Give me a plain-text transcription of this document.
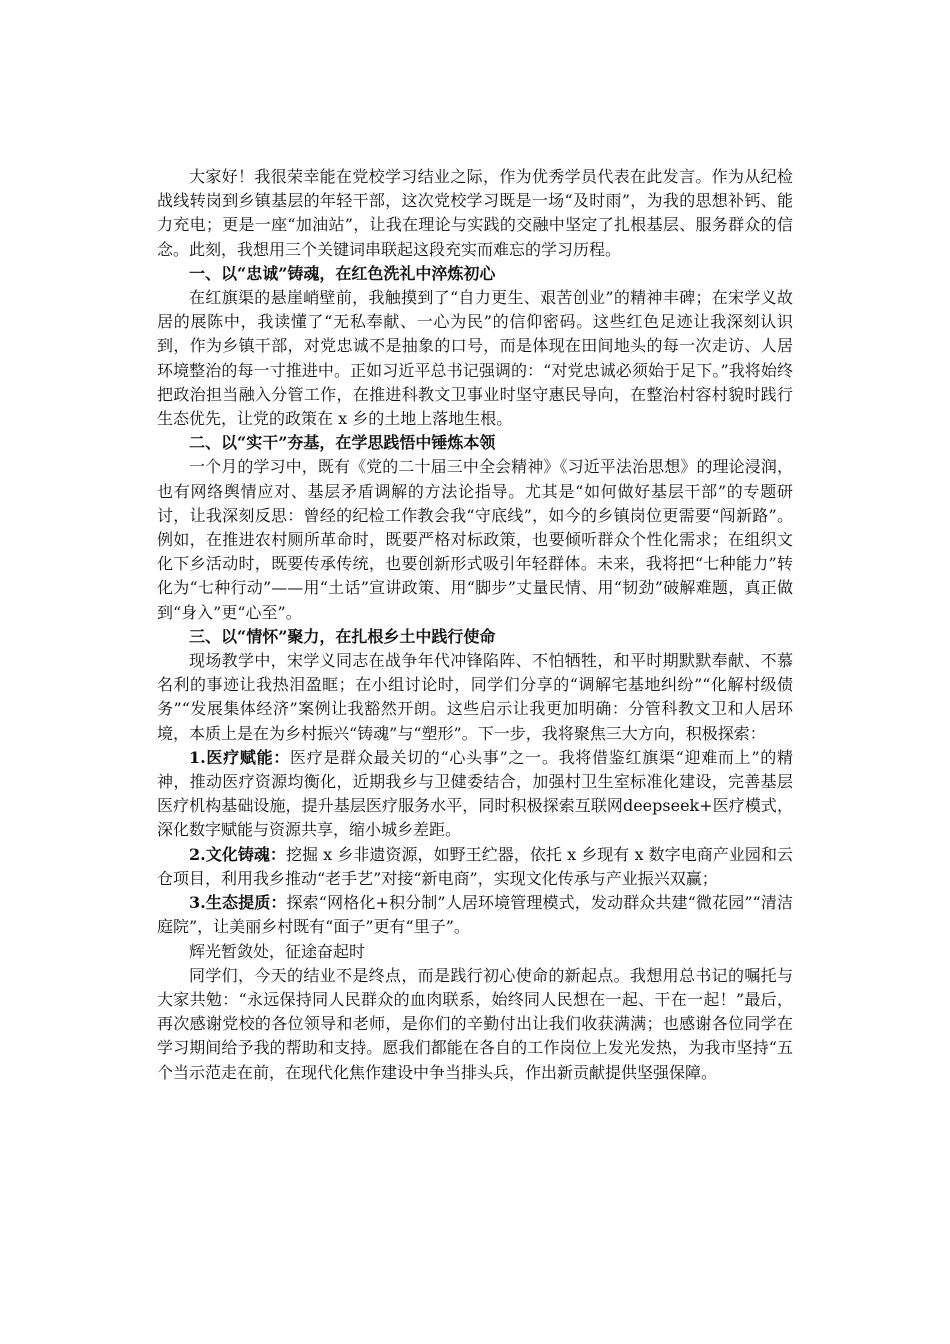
大家好！我很荣幸能在党校学习结业之际，作为优秀学员代表在此发言。作为从纪检战线转岗到乡镇基层的年轻干部，这次党校学习既是一场“及时雨”，为我的思想补钙、能力充电；更是一座“加油站”，让我在理论与实践的交融中坚定了扎根基层、服务群众的信念。此刻，我想用三个关键词串联起这段充实而难忘的学习历程。

一、以“忠诚”铸魂，在红色洗礼中淬炼初心

在红旗渠的悬崖峭壁前，我触摸到了“自力更生、艰苦创业”的精神丰碑；在宋学义故居的展陈中，我读懂了“无私奉献、一心为民”的信仰密码。这些红色足迹让我深刻认识到，作为乡镇干部，对党忠诚不是抽象的口号，而是体现在田间地头的每一次走访、人居环境整治的每一寸推进中。正如习近平总书记强调的：“对党忠诚必须始于足下。”我将始终把政治担当融入分管工作，在推进科教文卫事业时坚守惠民导向，在整治村容村貌时践行生态优先，让党的政策在 x 乡的土地上落地生根。

二、以“实干”夯基，在学思践悟中锤炼本领

一个月的学习中，既有《党的二十届三中全会精神》《习近平法治思想》的理论浸润，也有网络舆情应对、基层矛盾调解的方法论指导。尤其是“如何做好基层干部”的专题研讨，让我深刻反思：曾经的纪检工作教会我“守底线”，如今的乡镇岗位更需要“闯新路”。例如，在推进农村厕所革命时，既要严格对标政策，也要倾听群众个性化需求；在组织文化下乡活动时，既要传承传统，也要创新形式吸引年轻群体。未来，我将把“七种能力”转化为“七种行动”——用“土话”宣讲政策、用“脚步”丈量民情、用“韧劲”破解难题，真正做到“身入”更“心至”。

三、以“情怀”聚力，在扎根乡土中践行使命

现场教学中，宋学义同志在战争年代冲锋陷阵、不怕牺牲，和平时期默默奉献、不慕名利的事迹让我热泪盈眶；在小组讨论时，同学们分享的“调解宅基地纠纷”“化解村级债务”“发展集体经济”案例让我豁然开朗。这些启示让我更加明确：分管科教文卫和人居环境，本质上是在为乡村振兴“铸魂”与“塑形”。下一步，我将聚焦三大方向，积极探索：

1.医疗赋能：医疗是群众最关切的“心头事”之一。我将借鉴红旗渠“迎难而上”的精神，推动医疗资源均衡化，近期我乡与卫健委结合，加强村卫生室标准化建设，完善基层医疗机构基础设施，提升基层医疗服务水平，同时积极探索互联网deepseek+医疗模式，深化数字赋能与资源共享，缩小城乡差距。

2.文化铸魂：挖掘 x 乡非遗资源，如野王纻器，依托 x 乡现有 x 数字电商产业园和云仓项目，利用我乡推动“老手艺”对接“新电商”，实现文化传承与产业振兴双赢；

3.生态提质：探索“网格化+积分制”人居环境管理模式，发动群众共建“微花园”“清洁庭院”，让美丽乡村既有“面子”更有“里子”。

辉光暂敛处，征途奋起时

同学们，今天的结业不是终点，而是践行初心使命的新起点。我想用总书记的嘱托与大家共勉：“永远保持同人民群众的血肉联系，始终同人民想在一起、干在一起！”最后，再次感谢党校的各位领导和老师，是你们的辛勤付出让我们收获满满；也感谢各位同学在学习期间给予我的帮助和支持。愿我们都能在各自的工作岗位上发光发热，为我市坚持“五个当示范走在前，在现代化焦作建设中争当排头兵，作出新贡献提供坚强保障。
